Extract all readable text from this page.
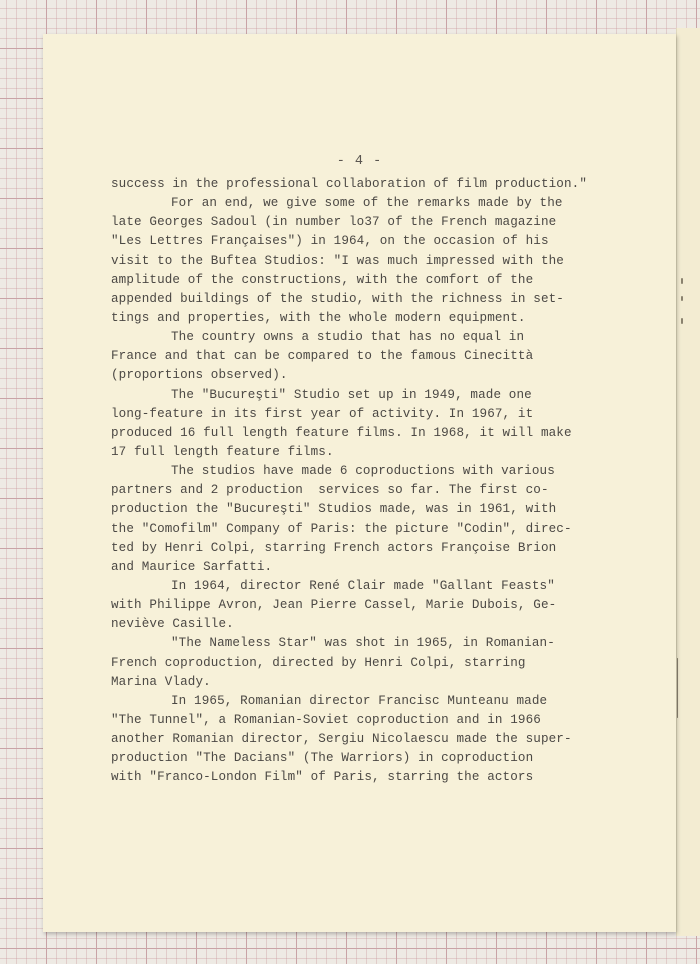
- 4 -
success in the professional collaboration of film production."
For an end, we give some of the remarks made by the
late Georges Sadoul (in number lo37 of the French magazine
"Les Lettres Françaises") in 1964, on the occasion of his
visit to the Buftea Studios: "I was much impressed with the
amplitude of the constructions, with the comfort of the
appended buildings of the studio, with the richness in set-
tings and properties, with the whole modern equipment.
The country owns a studio that has no equal in
France and that can be compared to the famous Cinecittà
(proportions observed).
The "Bucureşti" Studio set up in 1949, made one
long-feature in its first year of activity. In 1967, it
produced 16 full length feature films. In 1968, it will make
17 full length feature films.
The studios have made 6 coproductions with various
partners and 2 production  services so far. The first co-
production the "Bucureşti" Studios made, was in 1961, with
the "Comofilm" Company of Paris: the picture "Codin", direc-
ted by Henri Colpi, starring French actors Françoise Brion
and Maurice Sarfatti.
In 1964, director René Clair made "Gallant Feasts"
with Philippe Avron, Jean Pierre Cassel, Marie Dubois, Ge-
neviève Casille.
"The Nameless Star" was shot in 1965, in Romanian-
French coproduction, directed by Henri Colpi, starring
Marina Vlady.
In 1965, Romanian director Francisc Munteanu made
"The Tunnel", a Romanian-Soviet coproduction and in 1966
another Romanian director, Sergiu Nicolaescu made the super-
production "The Dacians" (The Warriors) in coproduction
with "Franco-London Film" of Paris, starring the actors
